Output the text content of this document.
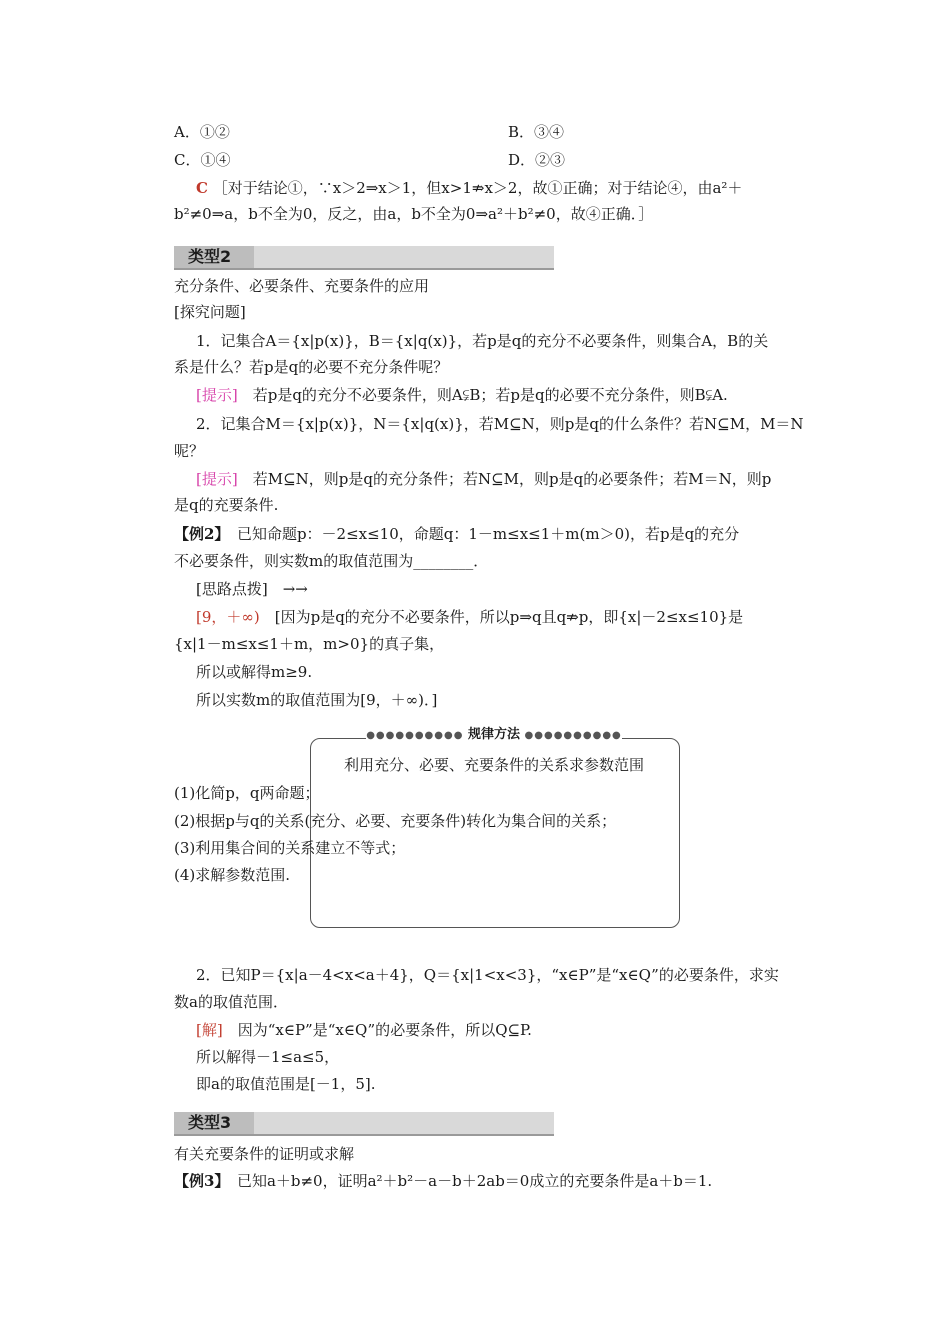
A．①②	B．③④
C．①④	D．②③
C ［对于结论①，∵x＞2⇒x＞1，但x>1⇏x＞2，故①正确；对于结论④，由a²＋
b²≠0⇒a，b不全为0，反之，由a，b不全为0⇒a²＋b²≠0，故④正确．］
类型2
充分条件、必要条件、充要条件的应用
[探究问题]
1．记集合A＝{x|p(x)}，B＝{x|q(x)}，若p是q的充分不必要条件，则集合A，B的关
系是什么？若p是q的必要不充分条件呢？
[提示]　若p是q的充分不必要条件，则A⫋B；若p是q的必要不充分条件，则B⫋A.
2．记集合M＝{x|p(x)}，N＝{x|q(x)}，若M⊆N，则p是q的什么条件？若N⊆M，M＝N
呢？
[提示]　若M⊆N，则p是q的充分条件；若N⊆M，则p是q的必要条件；若M＝N，则p
是q的充要条件.
【例2】　已知命题p：－2≤x≤10，命题q：1－m≤x≤1＋m(m＞0)，若p是q的充分
不必要条件，则实数m的取值范围为________．
[思路点拨]　→→
[9，＋∞)　[因为p是q的充分不必要条件，所以p⇒q且q⇏p，即{x|－2≤x≤10}是
{x|1－m≤x≤1＋m，m>0}的真子集，
所以或解得m≥9.
所以实数m的取值范围为[9，＋∞)．]
●●●●●●●●●● 规律方法 ●●●●●●●●●●
利用充分、必要、充要条件的关系求参数范围
(1)化简p，q两命题；
(2)根据p与q的关系(充分、必要、充要条件)转化为集合间的关系；
(3)利用集合间的关系建立不等式；
(4)求解参数范围.
2．已知P＝{x|a－4<x<a＋4}，Q＝{x|1<x<3}，“x∈P”是“x∈Q”的必要条件，求实
数a的取值范围．
[解]　因为“x∈P”是“x∈Q”的必要条件，所以Q⊆P.
所以解得－1≤a≤5，
即a的取值范围是[－1，5].
类型3
有关充要条件的证明或求解
【例3】　已知a＋b≠0，证明a²＋b²－a－b＋2ab＝0成立的充要条件是a＋b＝1.
